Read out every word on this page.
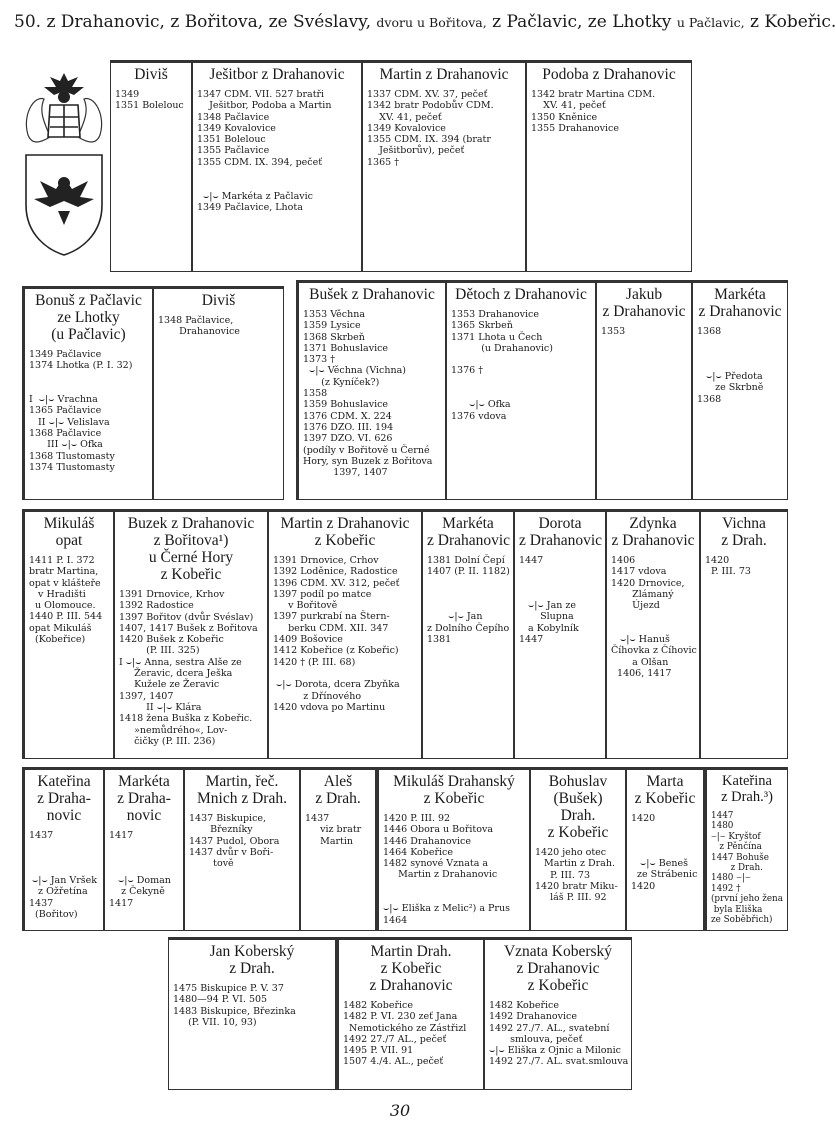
50. z Drahanovic, z Bořitova, ze Svéslavy, dvoru u Bořitova, z Pačlavic, ze Lhotky u Pačlavic, z Kobeřic.
Diviš
1349
1351 Bolelouc
Ješitbor z Drahanovic
1347 CDM. VII. 527 bratři
Ješitbor, Podoba a Martin
1348 Pačlavice
1349 Kovalovice
1351 Bolelouc
1355 Pačlavice
1355 CDM. IX. 394, pečeť

⌣|⌣ Markéta z Pačlavic
1349 Pačlavice, Lhota
Martin z Drahanovic
1337 CDM. XV. 37, pečeť
1342 bratr Podobův CDM.
XV. 41, pečeť
1349 Kovalovice
1355 CDM. IX. 394 (bratr
Ješitborův), pečeť
1365 †
Podoba z Drahanovic
1342 bratr Martina CDM.
XV. 41, pečeť
1350 Kněnice
1355 Drahanovice
Bonuš z Pačlavic
ze Lhotky
(u Pačlavic)
1349 Pačlavice
1374 Lhotka (P. I. 32)

I  ⌣|⌣ Vrachna
1365 Pačlavice
II ⌣|⌣ Velislava
1368 Pačlavice
III ⌣|⌣ Ofka
1368 Tlustomasty
1374 Tlustomasty
Diviš
1348 Pačlavice,
Drahanovice
Bušek z Drahanovic
1353 Věchna
1359 Lysice
1368 Skrbeň
1371 Bohuslavice
1373 †
⌣|⌣ Věchna (Vichna)
(z Kyníček?)
1358
1359 Bohuslavice
1376 CDM. X. 224
1376 DZO. III. 194
1397 DZO. VI. 626
(podíly v Bořitově u Černé
Hory, syn Buzek z Bořitova
1397, 1407
Dětoch z Drahanovic
1353 Drahanovice
1365 Skrbeň
1371 Lhota u Čech
(u Drahanovic)

1376 †

⌣|⌣ Ofka
1376 vdova
Jakub
z Drahanovic
1353
Markéta
z Drahanovic
1368

⌣|⌣ Předota
ze Skrbně
1368
Mikuláš
opat
1411 P. I. 372
bratr Martina,
opat v klášteře
v Hradišti
u Olomouce.
1440 P. III. 544
opat Mikuláš
(Kobeřice)
Buzek z Drahanovic
z Bořitova¹)
u Černé Hory
z Kobeřic
1391 Drnovice, Krhov
1392 Radostice
1397 Bořitov (dvůr Svéslav)
1407, 1417 Bušek z Bořitova
1420 Bušek z Kobeřic
(P. III. 325)
I ⌣|⌣ Anna, sestra Alše ze
Žeravic, dcera Ješka
Kužele ze Žeravic
1397, 1407
II ⌣|⌣ Klára
1418 žena Buška z Kobeřic.
»nemůdrého«, Lov-
čičky (P. III. 236)
Martin z Drahanovic
z Kobeřic
1391 Drnovice, Crhov
1392 Loděnice, Radostice
1396 CDM. XV. 312, pečeť
1397 podíl po matce
v Bořitově
1397 purkrabí na Štern-
berku CDM. XII. 347
1409 Bošovice
1412 Kobeřice (z Kobeřic)
1420 † (P. III. 68)

⌣|⌣ Dorota, dcera Zbyňka
z Dřínového
1420 vdova po Martinu
Markéta
z Drahanovic
1381 Dolní Čepí
1407 (P. II. 1182)

⌣|⌣ Jan
z Dolního Čepího
1381
Dorota
z Drahanovic
1447

⌣|⌣ Jan ze
Slupna
a Kobylník
1447
Zdynka
z Drahanovic
1406
1417 vdova
1420 Drnovice,
Zlámaný
Újezd

⌣|⌣ Hanuš
Číhovka z Číhovic
a Olšan
1406, 1417
Vichna
z Drah.
1420
P. III. 73
Kateřina
z Draha-
novic
1437

⌣|⌣ Jan Vršek
z Ožřetína
1437
(Bořitov)
Markéta
z Draha-
novic
1417

⌣|⌣ Doman
z Čekyně
1417
Martin, řeč.
Mnich z Drah.
1437 Biskupice,
Březníky
1437 Pudol, Obora
1437 dvůr v Boři-
tově
Aleš
z Drah.
1437
viz bratr
Martin
Mikuláš Drahanský
z Kobeřic
1420 P. III. 92
1446 Obora u Bořitova
1446 Drahanovice
1464 Kobeřice
1482 synové Vznata a
Martin z Drahanovic

⌣|⌣ Eliška z Melic²) a Prus
1464
Bohuslav
(Bušek)
Drah.
z Kobeřic
1420 jeho otec
Martin z Drah.
P. III. 73
1420 bratr Miku-
láš P. III. 92
Marta
z Kobeřic
1420

⌣|⌣ Beneš
ze Strábenic
1420
Kateřina
z Drah.³)
1447
1480
⌣|⌣ Kryštof
z Pěnčína
1447 Bohuše
z Drah.
1480 ⌣|⌣
1492 †
(první jeho žena
byla Eliška
ze Soběbřich)
Jan Koberský
z Drah.
1475 Biskupice P. V. 37
1480—94 P. VI. 505
1483 Biskupice, Březinka
(P. VII. 10, 93)
Martin Drah.
z Kobeřic
z Drahanovic
1482 Kobeřice
1482 P. VI. 230 zeť Jana
Nemotického ze Zástřizl
1492 27./7 AL., pečeť
1495 P. VII. 91
1507 4./4. AL., pečeť
Vznata Koberský
z Drahanovic
z Kobeřic
1482 Kobeřice
1492 Drahanovice
1492 27./7. AL., svatební
smlouva, pečeť
⌣|⌣ Eliška z Ojnic a Milonic
1492 27./7. AL. svat.smlouva
30
